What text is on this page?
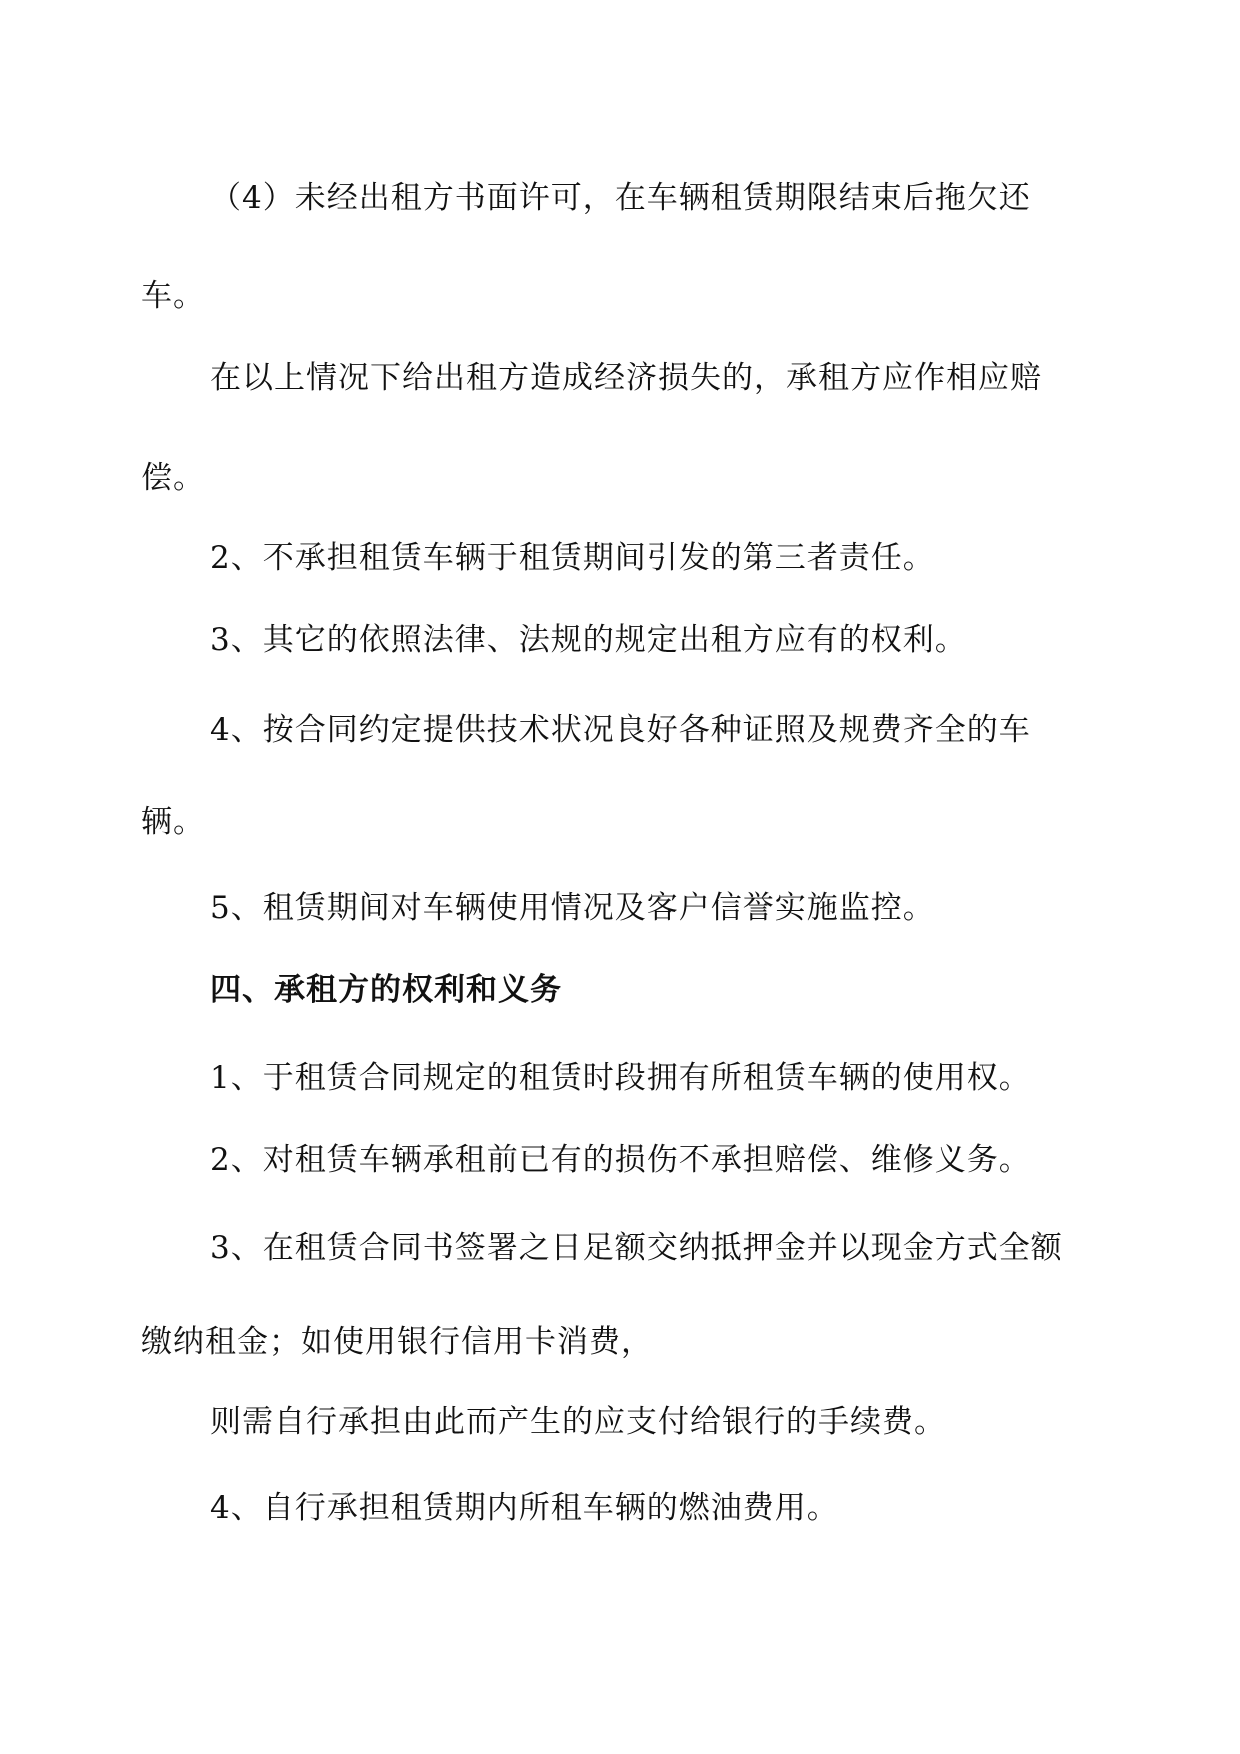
（4）未经出租方书面许可，在车辆租赁期限结束后拖欠还

车。

在以上情况下给出租方造成经济损失的，承租方应作相应赔

偿。

2、不承担租赁车辆于租赁期间引发的第三者责任。

3、其它的依照法律、法规的规定出租方应有的权利。

4、按合同约定提供技术状况良好各种证照及规费齐全的车

辆。

5、租赁期间对车辆使用情况及客户信誉实施监控。

四、承租方的权利和义务

1、于租赁合同规定的租赁时段拥有所租赁车辆的使用权。

2、对租赁车辆承租前已有的损伤不承担赔偿、维修义务。

3、在租赁合同书签署之日足额交纳抵押金并以现金方式全额

缴纳租金；如使用银行信用卡消费，

则需自行承担由此而产生的应支付给银行的手续费。

4、自行承担租赁期内所租车辆的燃油费用。
